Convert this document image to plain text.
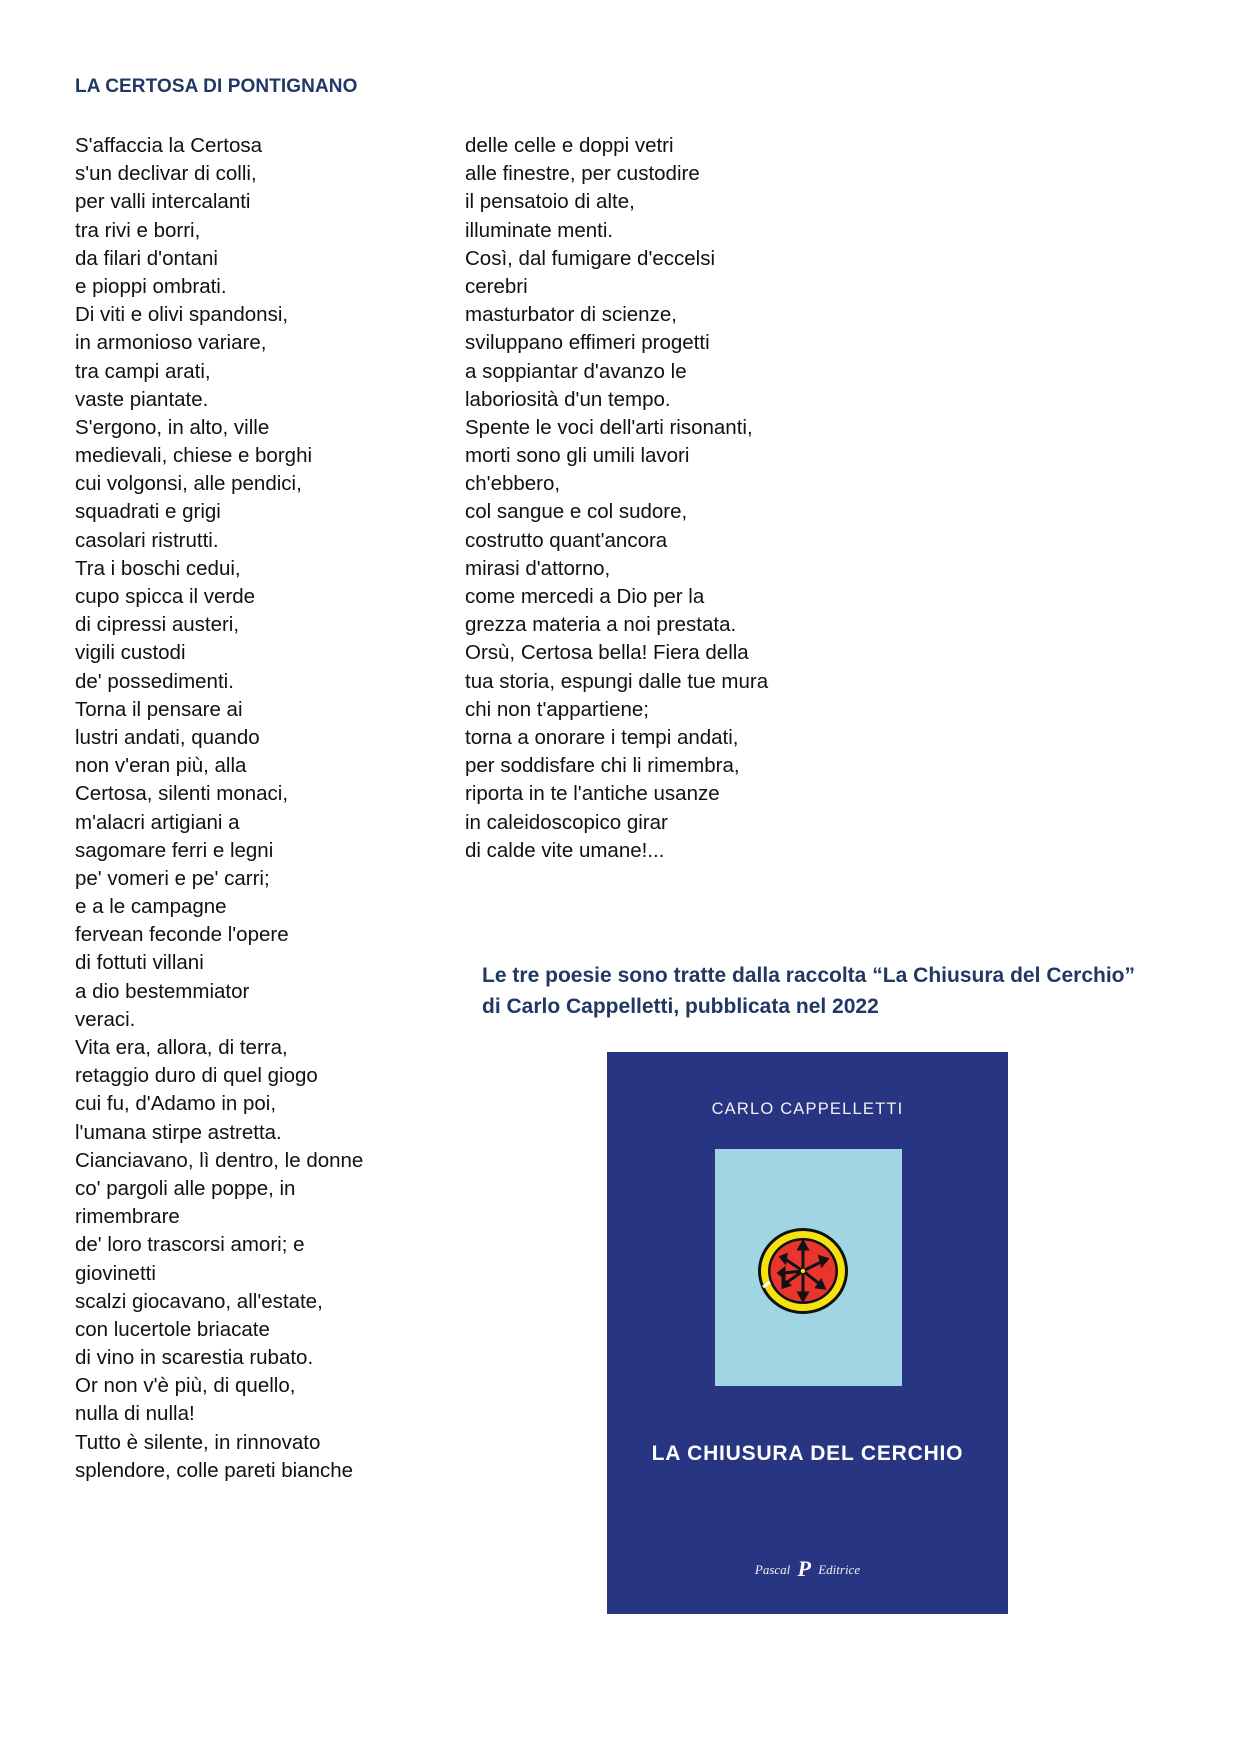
LA CERTOSA DI PONTIGNANO
S'affaccia la Certosa
s'un declivar di colli,
per valli intercalanti
tra rivi e borri,
da filari d'ontani
e pioppi ombrati.
Di viti e olivi spandonsi,
in armonioso variare,
tra campi arati,
vaste piantate.
S'ergono, in alto, ville
medievali, chiese e borghi
cui volgonsi, alle pendici,
squadrati e grigi
casolari ristrutti.
Tra i boschi cedui,
cupo spicca il verde
di cipressi austeri,
vigili custodi
de' possedimenti.
Torna il pensare ai
lustri andati, quando
non v'eran più, alla
Certosa, silenti monaci,
m'alacri artigiani a
sagomare ferri e legni
pe' vomeri e pe' carri;
e a le campagne
fervean feconde l'opere
di fottuti villani
a dio bestemmiator
veraci.
Vita era, allora, di terra,
retaggio duro di quel giogo
cui fu, d'Adamo in poi,
l'umana stirpe astretta.
Cianciavano, lì dentro, le donne
co' pargoli alle poppe, in
rimembrare
de' loro trascorsi amori; e
giovinetti
scalzi giocavano, all'estate,
con lucertole briacate
di vino in scarestia rubato.
Or non v'è più, di quello,
nulla di nulla!
Tutto è silente, in rinnovato
splendore, colle pareti bianche
delle celle e doppi vetri
alle finestre, per custodire
il pensatoio di alte,
illuminate menti.
Così, dal fumigare d'eccelsi
cerebri
masturbator di scienze,
sviluppano effimeri progetti
a soppiantar d'avanzo le
laboriosità d'un tempo.
Spente le voci dell'arti risonanti,
morti sono gli umili lavori
ch'ebbero,
col sangue e col sudore,
costrutto quant'ancora
mirasi d'attorno,
come mercedi a Dio per la
grezza materia a noi prestata.
Orsù, Certosa bella! Fiera della
tua storia, espungi dalle tue mura
chi non t'appartiene;
torna a onorare i tempi andati,
per soddisfare chi li rimembra,
riporta in te l'antiche usanze
in caleidoscopico girar
di calde vite umane!...
Le tre poesie sono tratte dalla raccolta “La Chiusura del Cerchio” di Carlo Cappelletti, pubblicata nel 2022
CARLO CAPPELLETTI
LA CHIUSURA DEL CERCHIO
Pascal P Editrice
